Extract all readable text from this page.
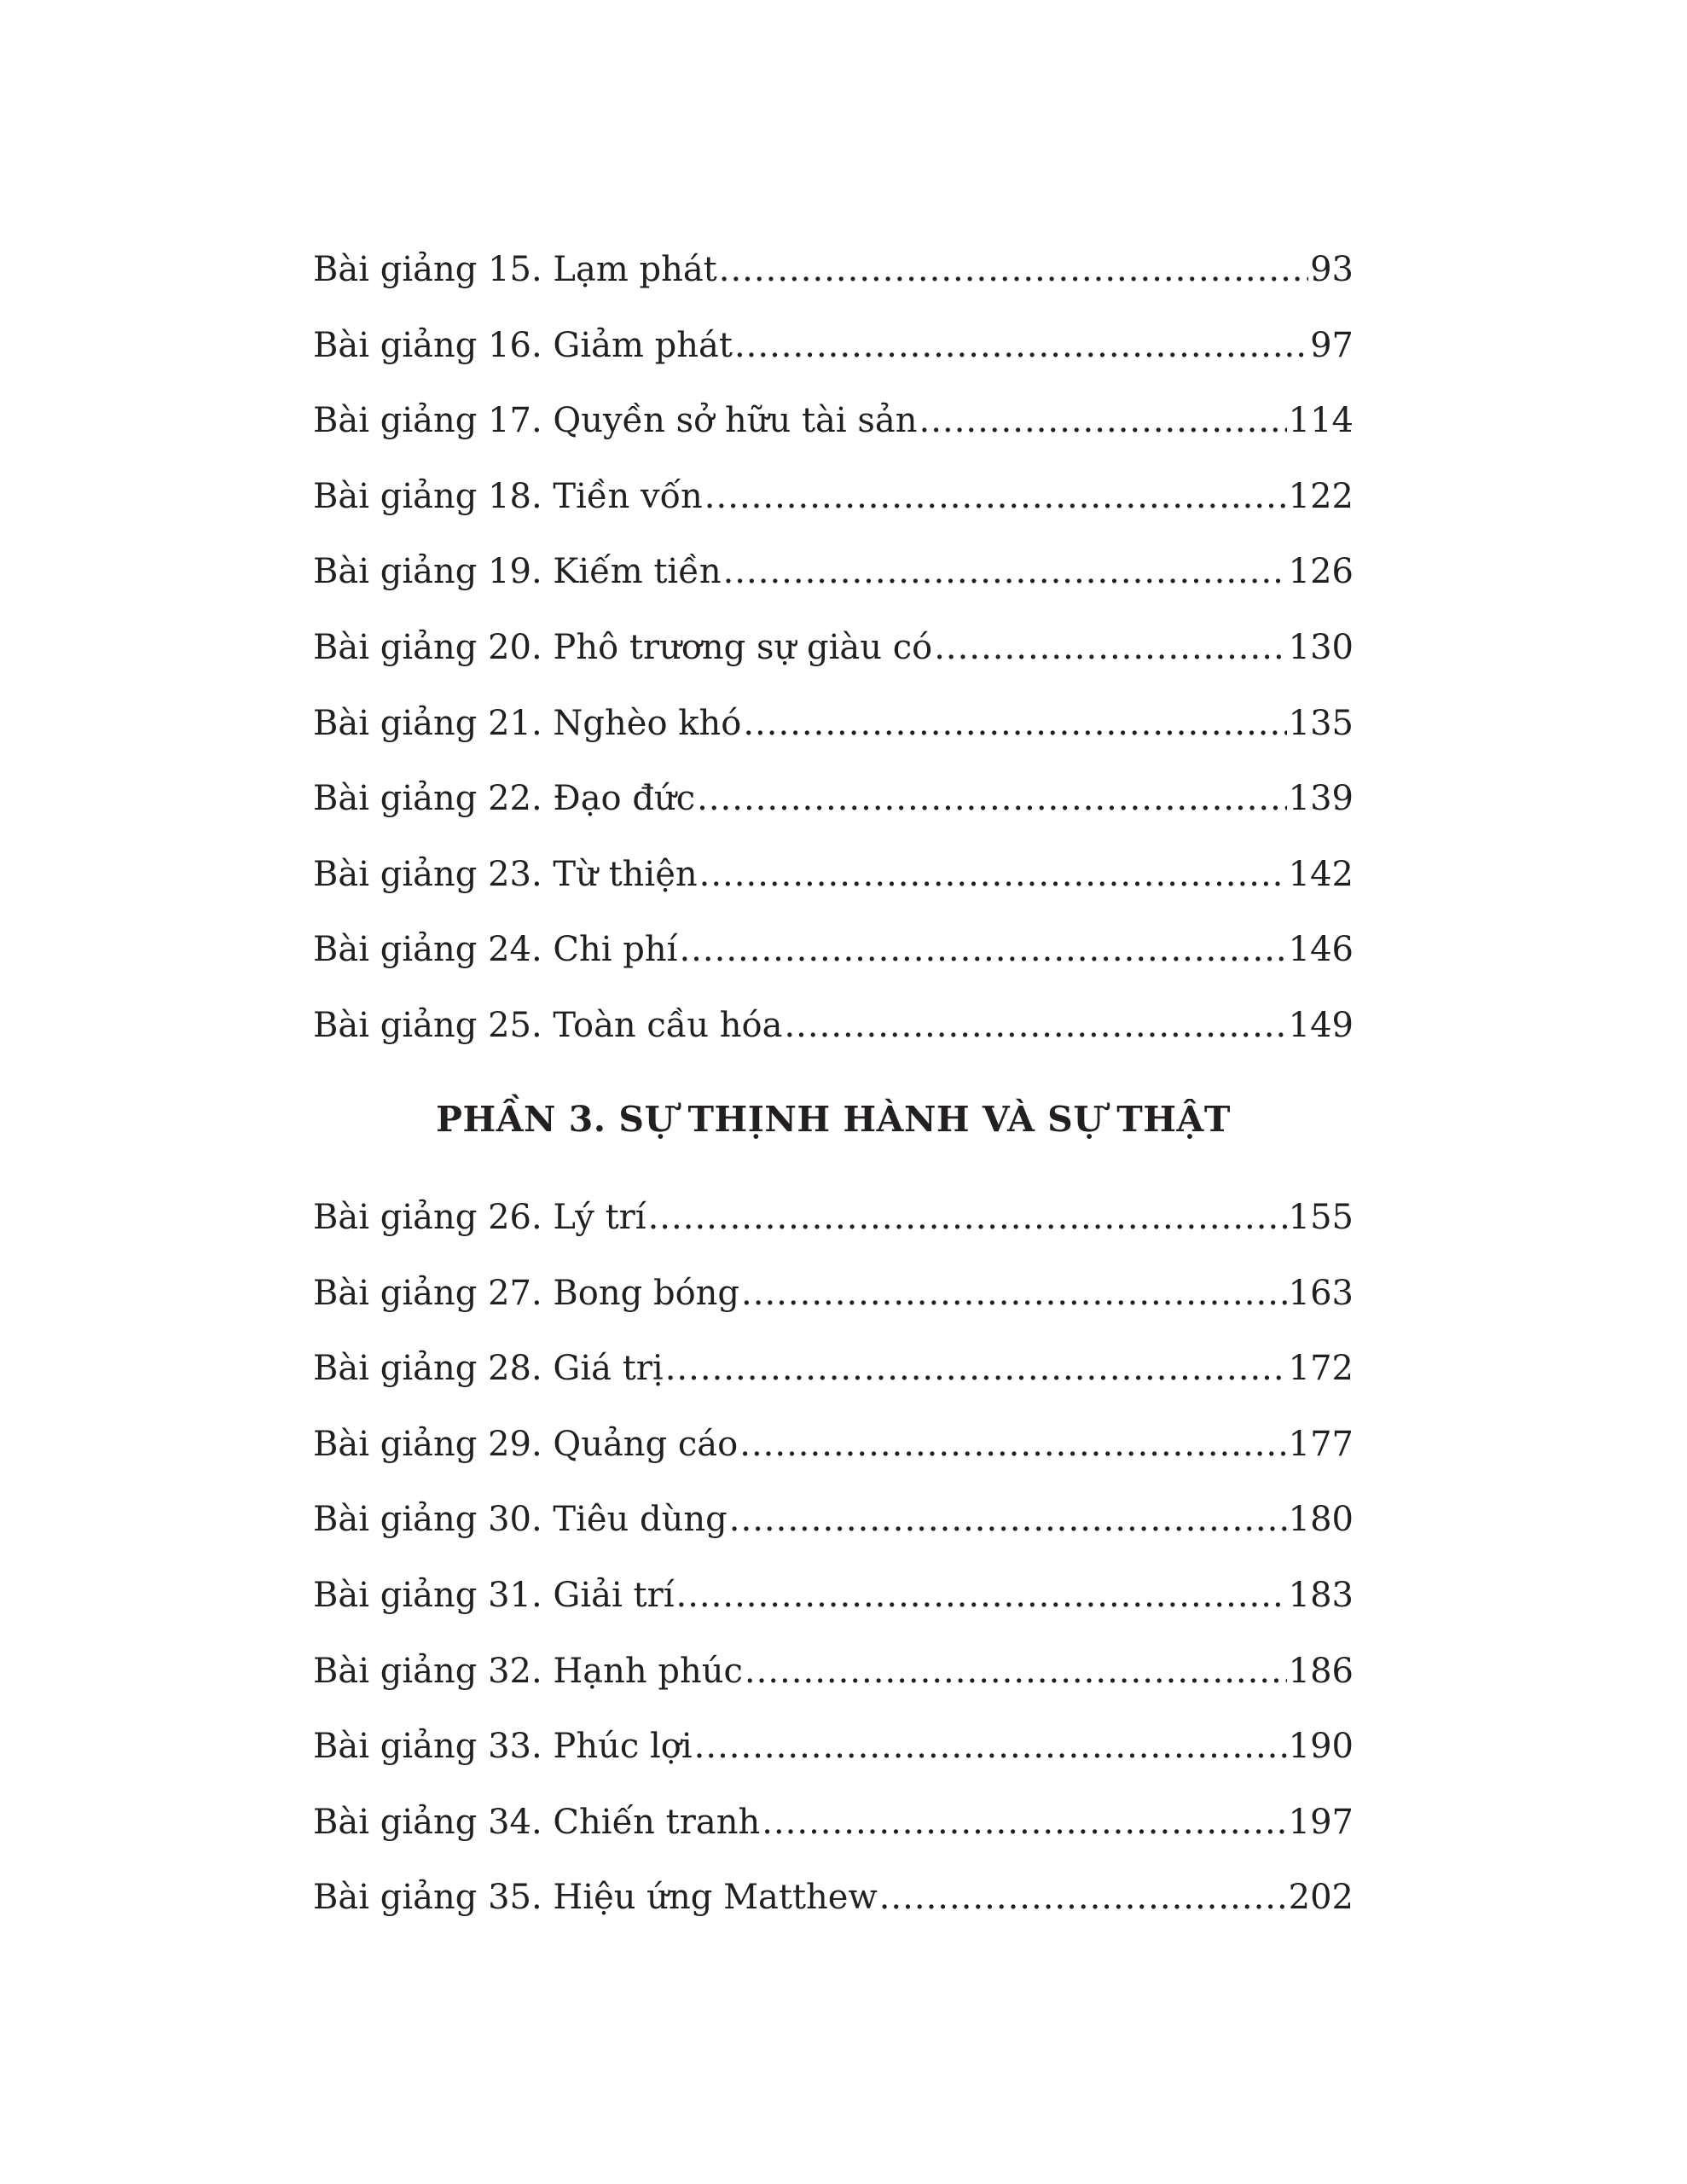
Bài giảng 15. Lạm phát .....	93
Bài giảng 16. Giảm phát .....	97
Bài giảng 17. Quyền sở hữu tài sản .....	114
Bài giảng 18. Tiền vốn .....	122
Bài giảng 19. Kiếm tiền .....	126
Bài giảng 20. Phô trương sự giàu có .....	130
Bài giảng 21. Nghèo khó .....	135
Bài giảng 22. Đạo đức .....	139
Bài giảng 23. Từ thiện .....	142
Bài giảng 24. Chi phí .....	146
Bài giảng 25. Toàn cầu hóa .....	149
PHẦN 3. SỰ THỊNH HÀNH VÀ SỰ THẬT
Bài giảng 26. Lý trí .....	155
Bài giảng 27. Bong bóng .....	163
Bài giảng 28. Giá trị .....	172
Bài giảng 29. Quảng cáo .....	177
Bài giảng 30. Tiêu dùng .....	180
Bài giảng 31. Giải trí .....	183
Bài giảng 32. Hạnh phúc .....	186
Bài giảng 33. Phúc lợi .....	190
Bài giảng 34. Chiến tranh .....	197
Bài giảng 35. Hiệu ứng Matthew .....	202
